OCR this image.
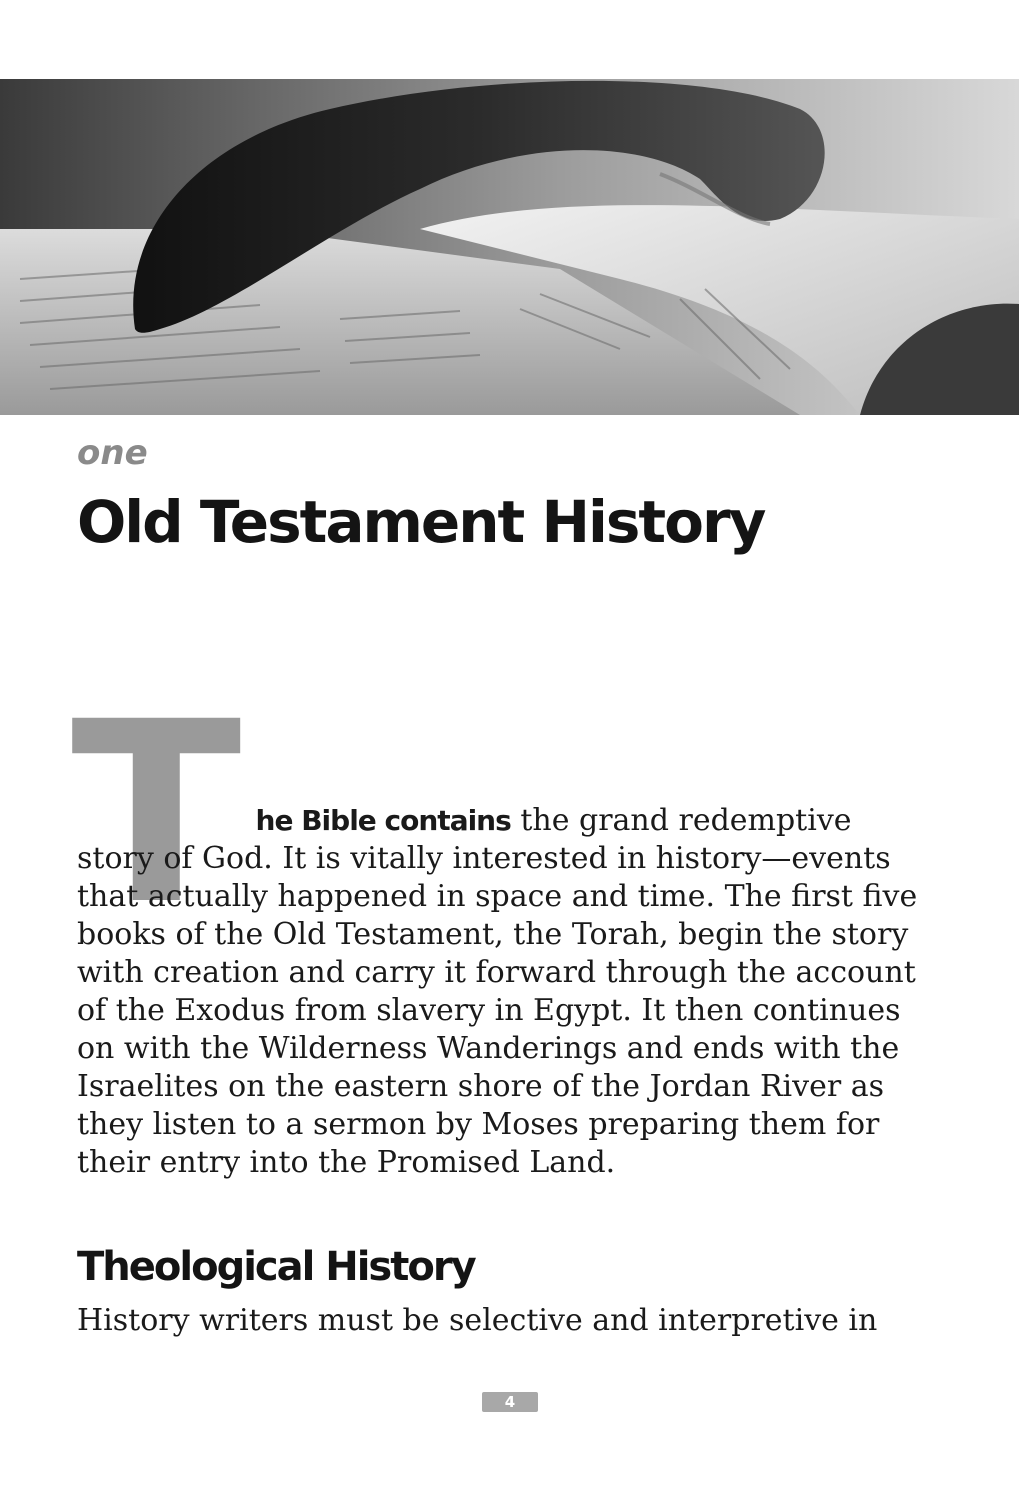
one
Old Testament History

The Bible contains the grand redemptive story of God. It is vitally interested in history—events that actually happened in space and time. The first five books of the Old Testament, the Torah, begin the story with creation and carry it forward through the account of the Exodus from slavery in Egypt. It then continues on with the Wilderness Wanderings and ends with the Israelites on the eastern shore of the Jordan River as they listen to a sermon by Moses preparing them for their entry into the Promised Land.

Theological History

History writers must be selective and interpretive in

4
